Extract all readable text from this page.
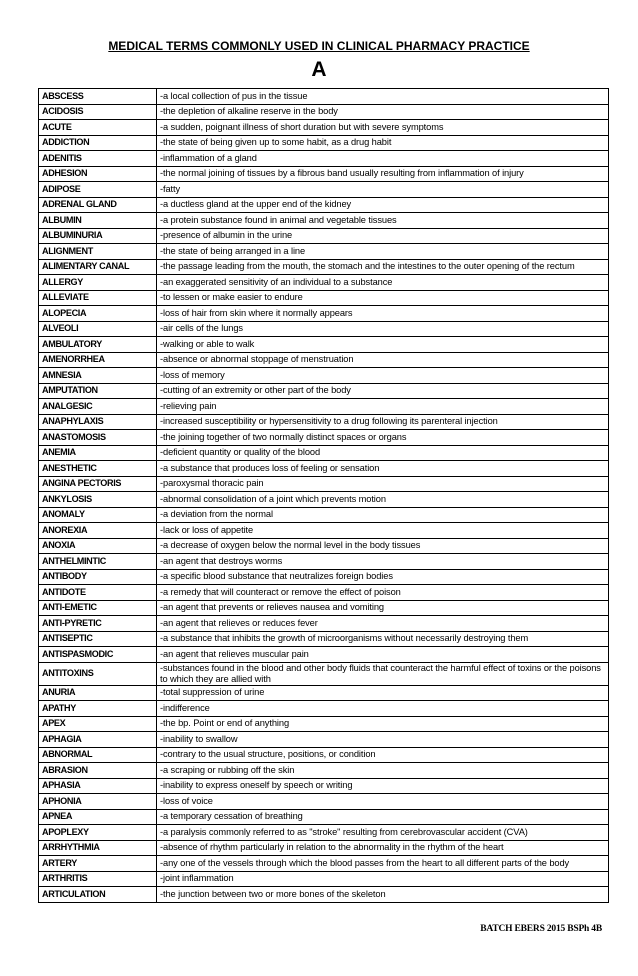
MEDICAL TERMS COMMONLY USED IN CLINICAL PHARMACY PRACTICE
A
ABSCESS	-a local collection of pus in the tissue
ACIDOSIS	-the depletion of alkaline reserve in the body
ACUTE	-a sudden, poignant illness of short duration but with severe symptoms
ADDICTION	-the state of being given up to some habit, as a drug habit
ADENITIS	-inflammation of a gland
ADHESION	-the normal joining of tissues by a fibrous band usually resulting from inflammation of injury
ADIPOSE	-fatty
ADRENAL GLAND	-a ductless gland at the upper end of the kidney
ALBUMIN	-a protein substance found in animal and vegetable tissues
ALBUMINURIA	-presence of albumin in the urine
ALIGNMENT	-the state of being arranged in a line
ALIMENTARY CANAL	-the passage leading from the mouth, the stomach and the intestines to the outer opening of the rectum
ALLERGY	-an exaggerated sensitivity of an individual to a substance
ALLEVIATE	-to lessen or make easier to endure
ALOPECIA	-loss of hair from skin where it normally appears
ALVEOLI	-air cells of the lungs
AMBULATORY	-walking or able to walk
AMENORRHEA	-absence or abnormal stoppage of menstruation
AMNESIA	-loss of memory
AMPUTATION	-cutting of an extremity or other part of the body
ANALGESIC	-relieving pain
ANAPHYLAXIS	-increased susceptibility or hypersensitivity to a drug following its parenteral injection
ANASTOMOSIS	-the joining together of two normally distinct spaces or organs
ANEMIA	-deficient quantity or quality of the blood
ANESTHETIC	-a substance that produces loss of feeling or sensation
ANGINA PECTORIS	-paroxysmal thoracic pain
ANKYLOSIS	-abnormal consolidation of a joint which prevents motion
ANOMALY	-a deviation from the normal
ANOREXIA	-lack or loss of appetite
ANOXIA	-a decrease of oxygen below the normal level in the body tissues
ANTHELMINTIC	-an agent that destroys worms
ANTIBODY	-a specific blood substance that neutralizes foreign bodies
ANTIDOTE	-a remedy that will counteract or remove the effect of poison
ANTI-EMETIC	-an agent that prevents or relieves nausea and vomiting
ANTI-PYRETIC	-an agent that relieves or reduces fever
ANTISEPTIC	-a substance that inhibits the growth of microorganisms without necessarily destroying them
ANTISPASMODIC	-an agent that relieves muscular pain
ANTITOXINS	-substances found in the blood and other body fluids that counteract the harmful effect of toxins or the poisons to which they are allied with
ANURIA	-total suppression of urine
APATHY	-indifference
APEX	-the bp. Point or end of anything
APHAGIA	-inability to swallow
ABNORMAL	-contrary to the usual structure, positions, or condition
ABRASION	-a scraping or rubbing off the skin
APHASIA	-inability to express oneself by speech or writing
APHONIA	-loss of voice
APNEA	-a temporary cessation of breathing
APOPLEXY	-a paralysis commonly referred to as "stroke" resulting from cerebrovascular accident (CVA)
ARRHYTHMIA	-absence of rhythm particularly in relation to the abnormality in the rhythm of the heart
ARTERY	-any one of the vessels through which the blood passes from the heart to all different parts of the body
ARTHRITIS	-joint inflammation
ARTICULATION	-the junction between two or more bones of the skeleton
BATCH EBERS 2015 BSPh 4B
